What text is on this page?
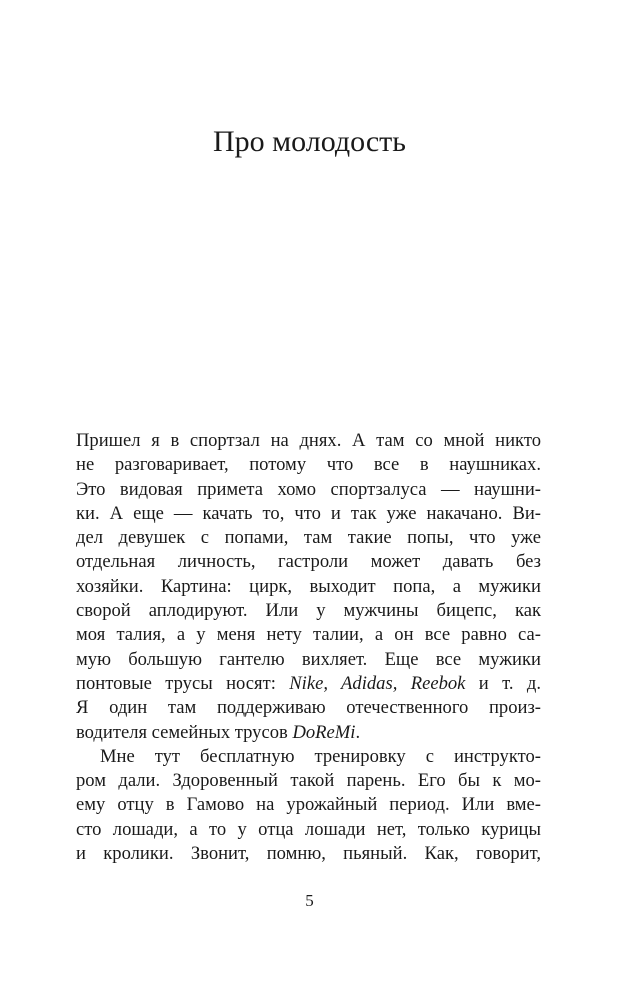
Про молодость
Пришел я в спортзал на днях. А там со мной никто
не разговаривает, потому что все в наушниках.
Это видовая примета хомо спортзалуса — наушни-
ки. А еще — качать то, что и так уже накачано. Ви-
дел девушек с попами, там такие попы, что уже
отдельная личность, гастроли может давать без
хозяйки. Картина: цирк, выходит попа, а мужики
сворой аплодируют. Или у мужчины бицепс, как
моя талия, а у меня нету талии, а он все равно са-
мую большую гантелю вихляет. Еще все мужики
понтовые трусы носят: Nike, Adidas, Reebok и т. д.
Я один там поддерживаю отечественного произ-
водителя семейных трусов DoReMi.
Мне тут бесплатную тренировку с инструкто-
ром дали. Здоровенный такой парень. Его бы к мо-
ему отцу в Гамово на урожайный период. Или вме-
сто лошади, а то у отца лошади нет, только курицы
и кролики. Звонит, помню, пьяный. Как, говорит,
5
